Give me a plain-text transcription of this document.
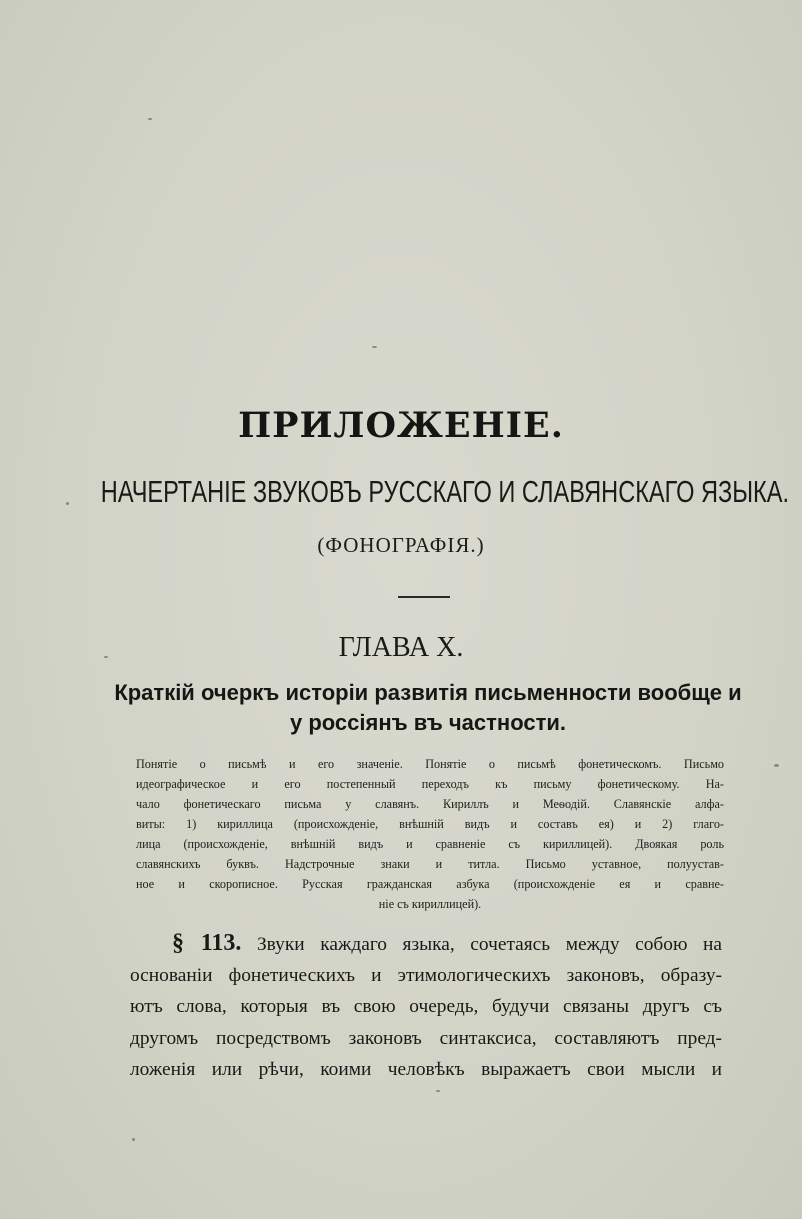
ПРИЛОЖЕНІЕ.
НАЧЕРТАНІЕ ЗВУКОВЪ РУССКАГО И СЛАВЯНСКАГО ЯЗЫКА.
(ФОНОГРАФІЯ.)
ГЛАВА X.
Краткій очеркъ исторіи развитія письменности вообще и у россіянъ въ частности.
Понятіе о письмѣ и его значеніе. Понятіе о письмѣ фонетическомъ. Письмо
идеографическое и его постепенный переходъ къ письму фонетическому. На-
чало фонетическаго письма у славянъ. Кириллъ и Меѳодій. Славянскіе алфа-
виты: 1) кириллица (происхожденіе, внѣшній видъ и составъ ея) и 2) глаго-
лица (происхожденіе, внѣшній видъ и сравненіе съ кириллицей). Двоякая роль
славянскихъ буквъ. Надстрочные знаки и титла. Письмо уставное, полуустав-
ное и скорописное. Русская гражданская азбука (происхожденіе ея и сравне-
ніе съ кириллицей).
§ 113. Звуки каждаго языка, сочетаясь между собою на
основаніи фонетическихъ и этимологическихъ законовъ, образу-
ютъ слова, которыя въ свою очередь, будучи связаны другъ съ
другомъ посредствомъ законовъ синтаксиса, составляютъ пред-
ложенія или рѣчи, коими человѣкъ выражаетъ свои мысли и
